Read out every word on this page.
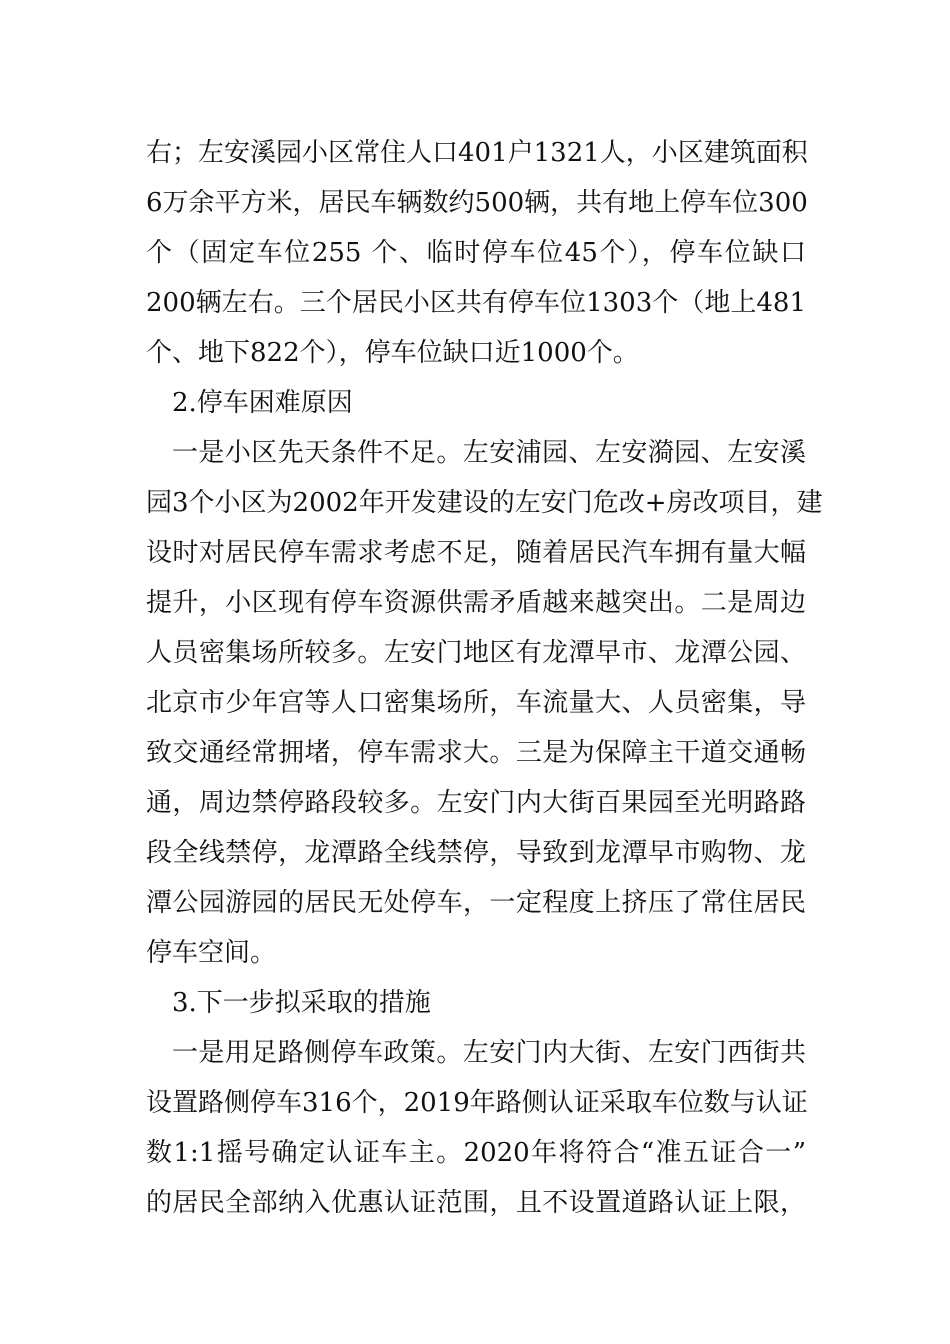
右；左安溪园小区常住人口401户1321人，小区建筑面积
6万余平方米，居民车辆数约500辆，共有地上停车位300
个（固定车位255 个、临时停车位45个），停车位缺口
200辆左右。三个居民小区共有停车位1303个（地上481
个、地下822个），停车位缺口近1000个。
2.停车困难原因
一是小区先天条件不足。左安浦园、左安漪园、左安溪
园3个小区为2002年开发建设的左安门危改+房改项目，建
设时对居民停车需求考虑不足，随着居民汽车拥有量大幅
提升，小区现有停车资源供需矛盾越来越突出。二是周边
人员密集场所较多。左安门地区有龙潭早市、龙潭公园、
北京市少年宫等人口密集场所，车流量大、人员密集，导
致交通经常拥堵，停车需求大。三是为保障主干道交通畅
通，周边禁停路段较多。左安门内大街百果园至光明路路
段全线禁停，龙潭路全线禁停，导致到龙潭早市购物、龙
潭公园游园的居民无处停车，一定程度上挤压了常住居民
停车空间。
3.下一步拟采取的措施
一是用足路侧停车政策。左安门内大街、左安门西街共
设置路侧停车316个，2019年路侧认证采取车位数与认证
数1:1摇号确定认证车主。2020年将符合“准五证合一”
的居民全部纳入优惠认证范围，且不设置道路认证上限，
